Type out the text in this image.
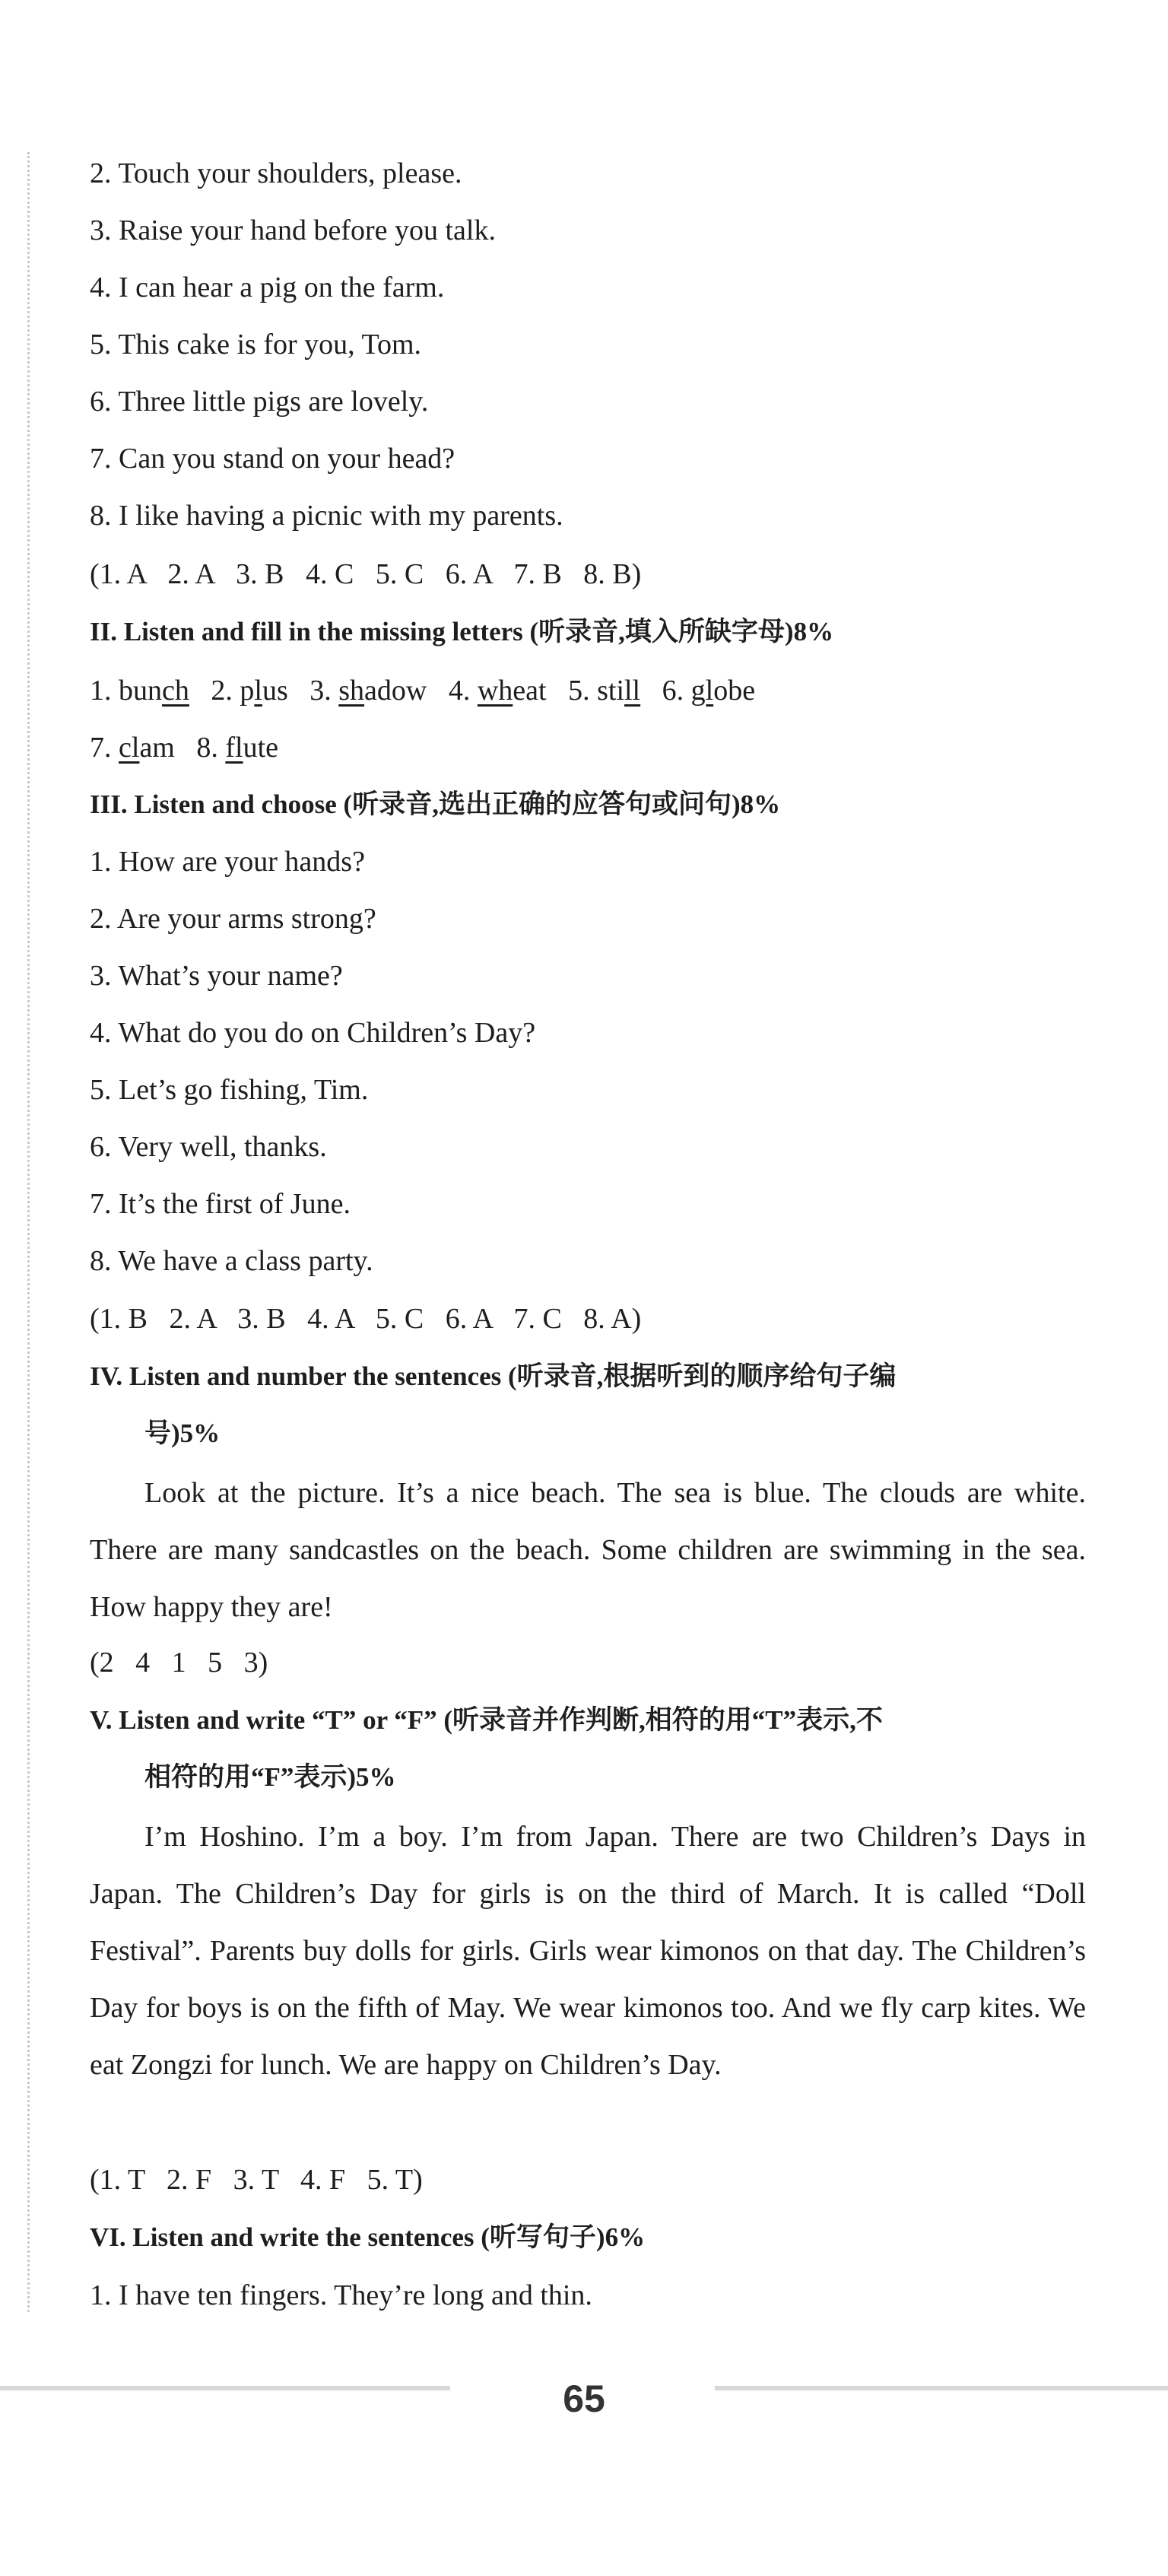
2. Touch your shoulders, please.
3. Raise your hand before you talk.
4. I can hear a pig on the farm.
5. This cake is for you, Tom.
6. Three little pigs are lovely.
7. Can you stand on your head?
8. I like having a picnic with my parents.
(1. A   2. A   3. B   4. C   5. C   6. A   7. B   8. B)
II. Listen and fill in the missing letters (听录音,填入所缺字母)8%
1. bunch   2. plus   3. shadow   4. wheat   5. still   6. globe
7. clam   8. flute
III. Listen and choose (听录音,选出正确的应答句或问句)8%
1. How are your hands?
2. Are your arms strong?
3. What’s your name?
4. What do you do on Children’s Day?
5. Let’s go fishing, Tim.
6. Very well, thanks.
7. It’s the first of June.
8. We have a class party.
(1. B   2. A   3. B   4. A   5. C   6. A   7. C   8. A)
IV. Listen and number the sentences (听录音,根据听到的顺序给句子编
号)5%
Look at the picture. It’s a nice beach. The sea is blue. The clouds are white. There are many sandcastles on the beach. Some children are swimming in the sea. How happy they are!
(2   4   1   5   3)
V. Listen and write “T” or “F” (听录音并作判断,相符的用“T”表示,不
相符的用“F”表示)5%
I’m Hoshino. I’m a boy. I’m from Japan. There are two Children’s Days in Japan. The Children’s Day for girls is on the third of March. It is called “Doll Festival”. Parents buy dolls for girls. Girls wear kimonos on that day. The Children’s Day for boys is on the fifth of May. We wear kimonos too. And we fly carp kites. We eat Zongzi for lunch. We are happy on Children’s Day.
(1. T   2. F   3. T   4. F   5. T)
VI. Listen and write the sentences (听写句子)6%
1. I have ten fingers. They’re long and thin.
65
